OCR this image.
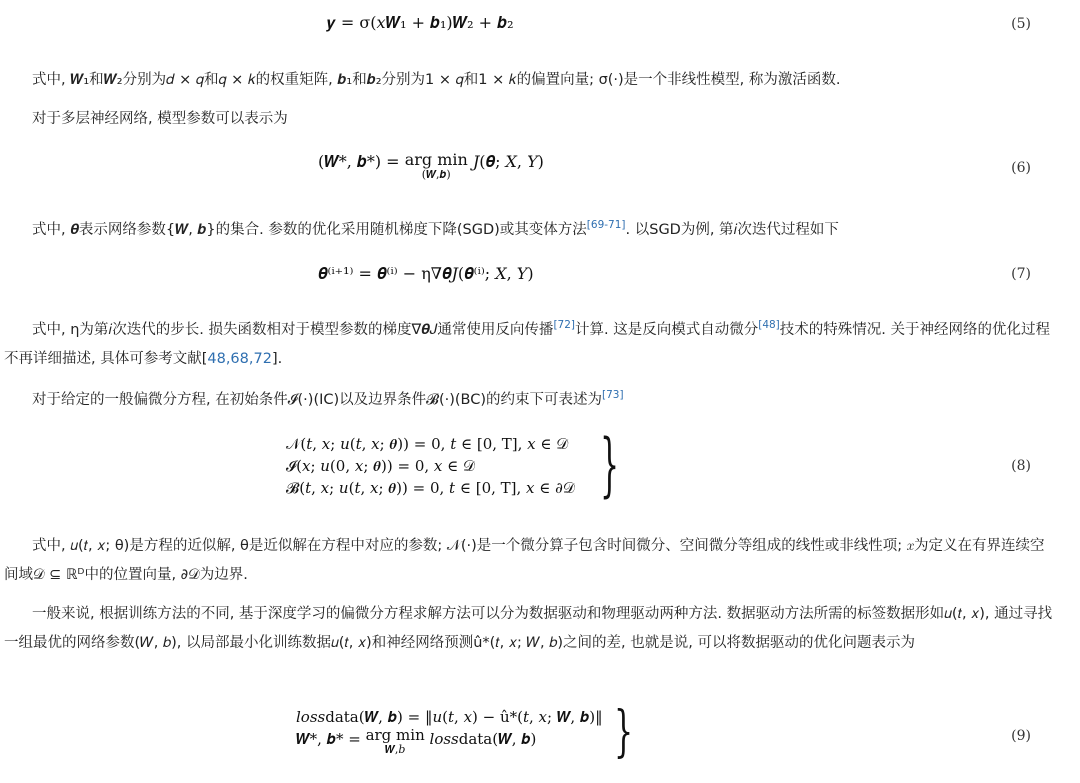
𝒚 = σ(𝑥𝑾₁ + 𝒃₁)𝑾₂ + 𝒃₂	(5)
式中, 𝑾₁和𝑾₂分别为𝑑 × 𝑞和𝑞 × 𝑘的权重矩阵, 𝒃₁和𝒃₂分别为1 × 𝑞和1 × 𝑘的偏置向量; σ(·)是一个非线性模型, 称为激活函数.
对于多层神经网络, 模型参数可以表示为
(𝑾*, 𝒃*) = arg min
(𝑾,𝒃)
𝐽(𝜽; 𝑋, 𝑌)	(6)
式中, 𝜽表示网络参数{𝑾, 𝒃}的集合. 参数的优化采用随机梯度下降(SGD)或其变体方法[69-71]. 以SGD为例, 第𝑖次迭代过程如下
𝜽⁽ⁱ⁺¹⁾ = 𝜽⁽ⁱ⁾ − η∇𝜽𝐽(𝜽⁽ⁱ⁾; 𝑋, 𝑌)	(7)
式中, η为第𝑖次迭代的步长. 损失函数相对于模型参数的梯度∇𝜽𝐽通常使用反向传播[72]计算. 这是反向模式自动微分[48]技术的特殊情况. 关于神经网络的优化过程不再详细描述, 具体可参考文献[48,68,72].
对于给定的一般偏微分方程, 在初始条件𝓘(·)(IC)以及边界条件𝓑(·)(BC)的约束下可表述为[73]
𝒩(𝑡, 𝑥; 𝑢(𝑡, 𝑥; 𝜽)) = 0, 𝑡 ∈ [0, T], 𝑥 ∈ 𝒟
𝓘(𝑥; 𝑢(0, 𝑥; 𝜽)) = 0, 𝑥 ∈ 𝒟
𝓑(𝑡, 𝑥; 𝑢(𝑡, 𝑥; 𝜽)) = 0, 𝑡 ∈ [0, T], 𝑥 ∈ ∂𝒟 }	(8)
式中, 𝑢(𝑡, 𝑥; θ)是方程的近似解, θ是近似解在方程中对应的参数; 𝒩(·)是一个微分算子包含时间微分、空间微分等组成的线性或非线性项; 𝑥为定义在有界连续空间域𝒟 ⊆ ℝᴰ中的位置向量, ∂𝒟为边界.
一般来说, 根据训练方法的不同, 基于深度学习的偏微分方程求解方法可以分为数据驱动和物理驱动两种方法. 数据驱动方法所需的标签数据形如𝑢(𝑡, 𝑥), 通过寻找一组最优的网络参数(𝑊, 𝑏), 以局部最小化训练数据𝑢(𝑡, 𝑥)和神经网络预测û*(𝑡, 𝑥; 𝑊, 𝑏)之间的差, 也就是说, 可以将数据驱动的优化问题表示为
𝑙𝑜𝑠𝑠data(𝑾, 𝒃) = ‖𝑢(𝑡, 𝑥) − û*(𝑡, 𝑥; 𝑾, 𝒃)‖
𝑾*, 𝒃* = arg min
𝑾,𝑏
𝑙𝑜𝑠𝑠data(𝑾, 𝒃)	}	(9)
